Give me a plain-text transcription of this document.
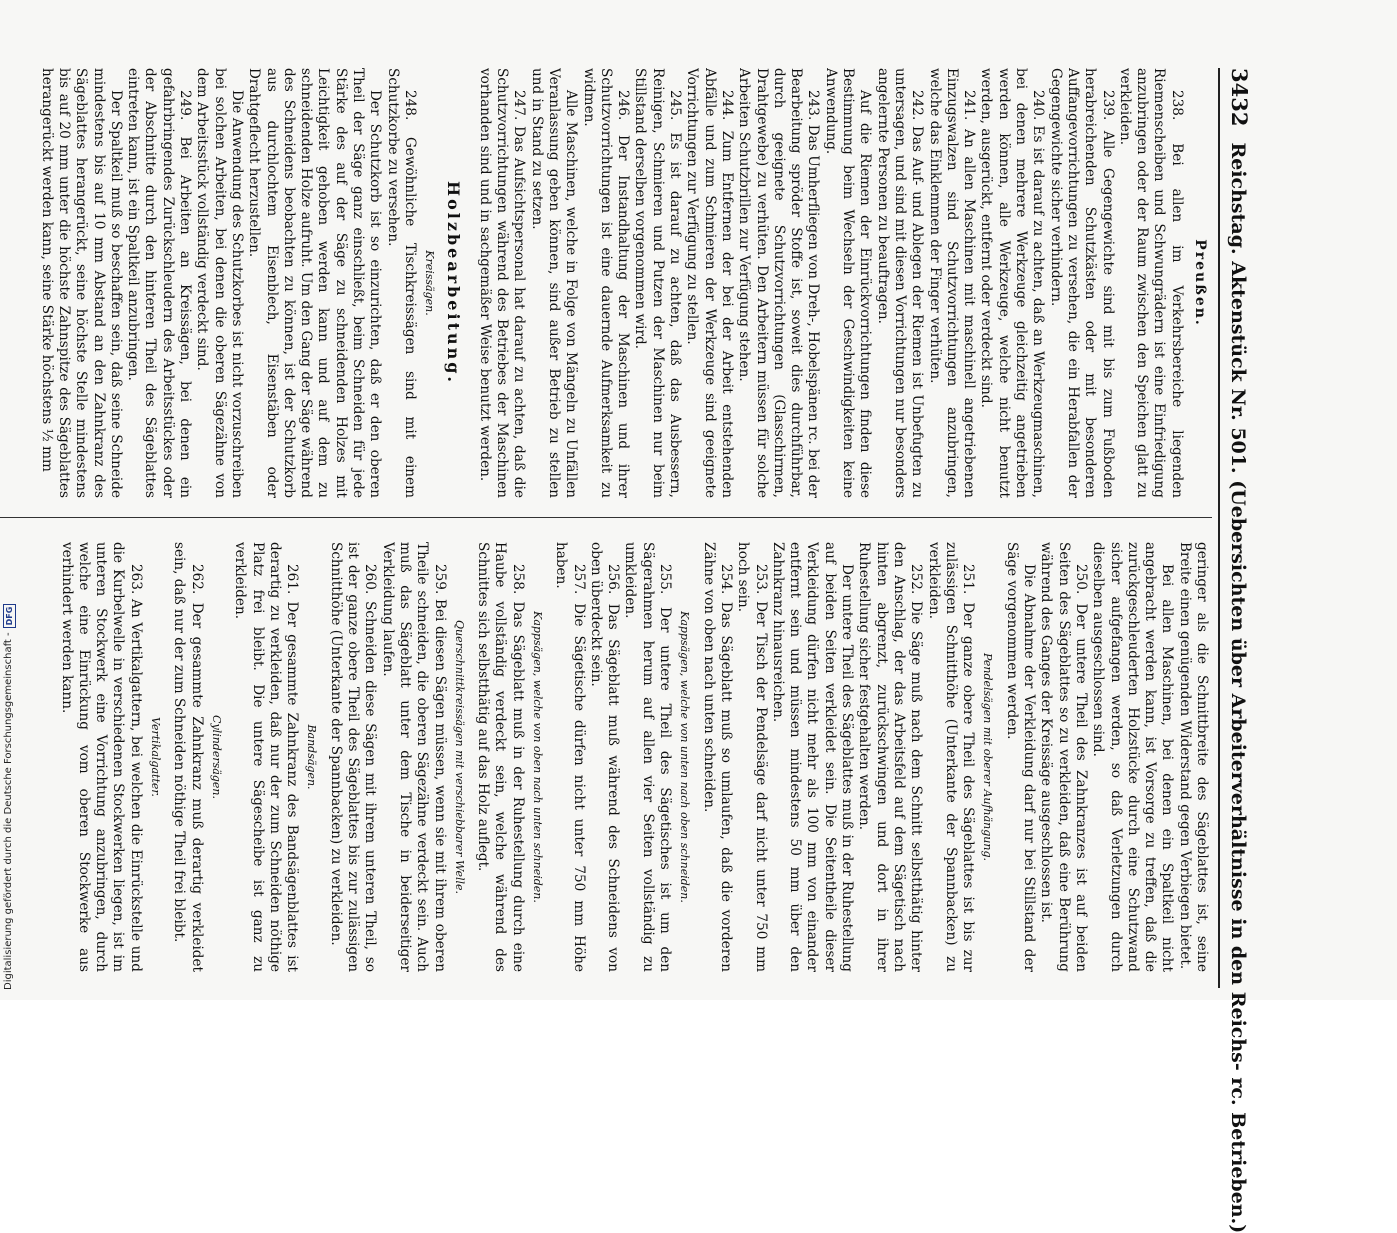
3432
Reichstag. Aktenstück Nr. 501. (Uebersichten über Arbeiterverhältnisse in den Reichs- rc. Betrieben.)

Preußen.

238. Bei allen im Verkehrsbereiche liegenden Riemenscheiben und Schwungrädern ist eine Einfriedigung anzubringen oder der Raum zwischen den Speichen glatt zu verkleiden.

239. Alle Gegengewichte sind mit bis zum Fußboden herabreichenden Schutzkästen oder mit besonderen Auffangevorrichtungen zu versehen, die ein Herabfallen der Gegengewichte sicher verhindern.

240. Es ist darauf zu achten, daß an Werkzeugmaschinen, bei denen mehrere Werkzeuge gleichzeitig angetrieben werden können, alle Werkzeuge, welche nicht benutzt werden, ausgerückt, entfernt oder verdeckt sind.

241. An allen Maschinen mit maschinell angetriebenen Einzugswalzen sind Schutzvorrichtungen anzubringen, welche das Einklemmen der Finger verhüten.

242. Das Auf- und Ablegen der Riemen ist Unbefugten zu untersagen, und sind mit diesen Vorrichtungen nur besonders angelernte Personen zu beauftragen.

Auf die Riemen der Einrückvorrichtungen finden diese Bestimmung beim Wechseln der Geschwindigkeiten keine Anwendung.

243. Das Umherfliegen von Dreh-, Hobelspänen rc. bei der Bearbeitung spröder Stoffe ist, soweit dies durchführbar, durch geeignete Schutzvorrichtungen (Glasschirmen, Drahtgewebe) zu verhüten. Den Arbeitern müssen für solche Arbeiten Schutzbrillen zur Verfügung stehen.

244. Zum Entfernen der bei der Arbeit entstehenden Abfälle und zum Schmieren der Werkzeuge sind geeignete Vorrichtungen zur Verfügung zu stellen.

245. Es ist darauf zu achten, daß das Ausbessern, Reinigen, Schmieren und Putzen der Maschinen nur beim Stillstand derselben vorgenommen wird.

246. Der Instandhaltung der Maschinen und ihrer Schutzvorrichtungen ist eine dauernde Aufmerksamkeit zu widmen.

Alle Maschinen, welche in Folge von Mängeln zu Unfällen Veranlassung geben können, sind außer Betrieb zu stellen und in Stand zu setzen.

247. Das Aufsichtspersonal hat darauf zu achten, daß die Schutzvorrichtungen während des Betriebes der Maschinen vorhanden sind und in sachgemäßer Weise benutzt werden.

Holzbearbeitung.

Kreissägen.

248. Gewöhnliche Tischkreissägen sind mit einem Schutzkorbe zu versehen.

Der Schutzkorb ist so einzurichten, daß er den oberen Theil der Säge ganz einschließt, beim Schneiden für jede Stärke des auf der Säge zu schneidenden Holzes mit Leichtigkeit gehoben werden kann und auf dem zu schneidenden Holze aufruht. Um den Gang der Säge während des Schneidens beobachten zu können, ist der Schutzkorb aus durchlochtem Eisenblech, Eisenstäben oder Drahtgeflecht herzustellen.

Die Anwendung des Schutzkorbes ist nicht vorzuschreiben bei solchen Arbeiten, bei denen die oberen Sägezähne von dem Arbeitsstück vollständig verdeckt sind.

249. Bei Arbeiten an Kreissägen, bei denen ein gefahrbringendes Zurückschleudern des Arbeitsstückes oder der Abschnitte durch den hinteren Theil des Sägeblattes eintreten kann, ist ein Spaltkeil anzubringen.

Der Spaltkeil muß so beschaffen sein, daß seine Schneide mindestens bis auf 10 mm Abstand an den Zahnkranz des Sägeblattes herangerückt, seine höchste Stelle mindestens bis auf 20 mm unter die höchste Zahnspitze des Sägeblattes herangerückt werden kann, seine Stärke höchstens ½ mm

geringer als die Schnittbreite des Sägeblattes ist, seine Breite einen genügenden Widerstand gegen Verbiegen bietet.

Bei allen Maschinen, bei denen ein Spaltkeil nicht angebracht werden kann, ist Vorsorge zu treffen, daß die zurückgeschleuderten Holzstücke durch eine Schutzwand sicher aufgefangen werden, so daß Verletzungen durch dieselben ausgeschlossen sind.

250. Der untere Theil des Zahnkranzes ist auf beiden Seiten des Sägeblattes so zu verkleiden, daß eine Berührung während des Ganges der Kreissäge ausgeschlossen ist.

Die Abnahme der Verkleidung darf nur bei Stillstand der Säge vorgenommen werden.

Pendelsägen mit oberer Aufhängung.

251. Der ganze obere Theil des Sägeblattes ist bis zur zulässigen Schnitthöhe (Unterkante der Spannbacken) zu verkleiden.

252. Die Säge muß nach dem Schnitt selbstthätig hinter den Anschlag, der das Arbeitsfeld auf dem Sägetisch nach hinten abgrenzt, zurückschwingen und dort in ihrer Ruhestellung sicher festgehalten werden.

Der untere Theil des Sägeblattes muß in der Ruhestellung auf beiden Seiten verkleidet sein. Die Seitentheile dieser Verkleidung dürfen nicht mehr als 100 mm von einander entfernt sein und müssen mindestens 50 mm über den Zahnkranz hinausreichen.

253. Der Tisch der Pendelsäge darf nicht unter 750 mm hoch sein.

254. Das Sägeblatt muß so umlaufen, daß die vorderen Zähne von oben nach unten schneiden.

Kappsägen, welche von unten nach oben schneiden.

255. Der untere Theil des Sägetisches ist um den Sägerahmen herum auf allen vier Seiten vollständig zu umkleiden.

256. Das Sägeblatt muß während des Schneidens von oben überdeckt sein.

257. Die Sägetische dürfen nicht unter 750 mm Höhe haben.

Kappsägen, welche von oben nach unten schneiden.

258. Das Sägeblatt muß in der Ruhestellung durch eine Haube vollständig verdeckt sein, welche während des Schnittes sich selbstthätig auf das Holz auflegt.

Querschnittkreissägen mit verschiebbarer Welle.

259. Bei diesen Sägen müssen, wenn sie mit ihrem oberen Theile schneiden, die oberen Sägezähne verdeckt sein. Auch muß das Sägeblatt unter dem Tische in beiderseitiger Verkleidung laufen.

260. Schneiden diese Sägen mit ihrem unteren Theil, so ist der ganze obere Theil des Sägeblattes bis zur zulässigen Schnitthöhe (Unterkante der Spannbacken) zu verkleiden.

Bandsägen.

261. Der gesammte Zahnkranz des Bandsägenblattes ist derartig zu verkleiden, daß nur der zum Schneiden nöthige Platz frei bleibt. Die untere Sägescheibe ist ganz zu verkleiden.

Cylindersägen.

262. Der gesammte Zahnkranz muß derartig verkleidet sein, daß nur der zum Schneiden nöthige Theil frei bleibt.

Vertikalgatter.

263. An Vertikalgattern, bei welchen die Einrückstelle und die Kurbelwelle in verschiedenen Stockwerken liegen, ist im unteren Stockwerk eine Vorrichtung anzubringen, durch welche eine Einrückung vom oberen Stockwerke aus verhindert werden kann.

Digitalisierung gefördert durch die Deutsche Forschungsgemeinschaft -
DFG
